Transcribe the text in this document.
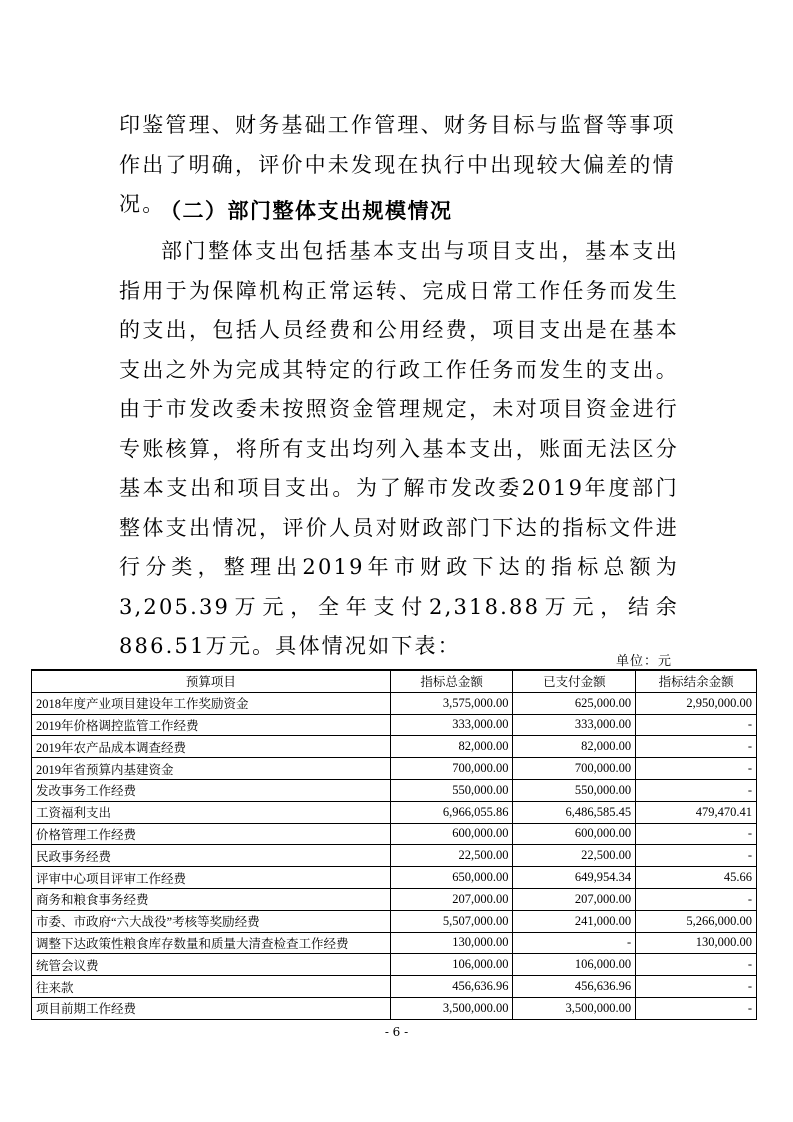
印鉴管理、财务基础工作管理、财务目标与监督等事项作出了明确，评价中未发现在执行中出现较大偏差的情况。
（二）部门整体支出规模情况
部门整体支出包括基本支出与项目支出，基本支出指用于为保障机构正常运转、完成日常工作任务而发生的支出，包括人员经费和公用经费，项目支出是在基本支出之外为完成其特定的行政工作任务而发生的支出。由于市发改委未按照资金管理规定，未对项目资金进行专账核算，将所有支出均列入基本支出，账面无法区分基本支出和项目支出。为了解市发改委2019年度部门整体支出情况，评价人员对财政部门下达的指标文件进行分类，整理出2019年市财政下达的指标总额为3,205.39万元，全年支付2,318.88万元，结余886.51万元。具体情况如下表：
单位：元
预算项目	指标总金额	已支付金额	指标结余金额
2018年度产业项目建设年工作奖励资金	3,575,000.00	625,000.00	2,950,000.00
2019年价格调控监管工作经费	333,000.00	333,000.00	-
2019年农产品成本调查经费	82,000.00	82,000.00	-
2019年省预算内基建资金	700,000.00	700,000.00	-
发改事务工作经费	550,000.00	550,000.00	-
工资福利支出	6,966,055.86	6,486,585.45	479,470.41
价格管理工作经费	600,000.00	600,000.00	-
民政事务经费	22,500.00	22,500.00	-
评审中心项目评审工作经费	650,000.00	649,954.34	45.66
商务和粮食事务经费	207,000.00	207,000.00	-
市委、市政府“六大战役”考核等奖励经费	5,507,000.00	241,000.00	5,266,000.00
调整下达政策性粮食库存数量和质量大清查检查工作经费	130,000.00	-	130,000.00
统管会议费	106,000.00	106,000.00	-
往来款	456,636.96	456,636.96	-
项目前期工作经费	3,500,000.00	3,500,000.00	-
- 6 -
